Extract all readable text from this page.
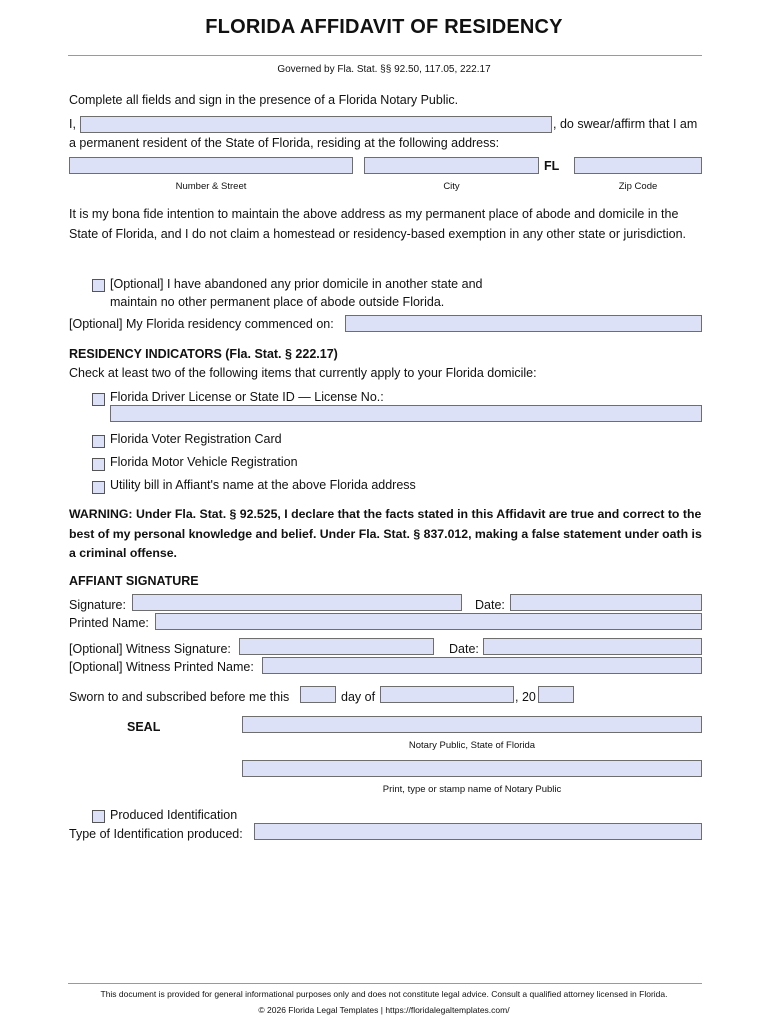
FLORIDA AFFIDAVIT OF RESIDENCY
Governed by Fla. Stat. §§ 92.50, 117.05, 222.17
Complete all fields and sign in the presence of a Florida Notary Public.
I,	, do swear/affirm that I am
a permanent resident of the State of Florida, residing at the following address:
FL
Number & Street	City	Zip Code
It is my bona fide intention to maintain the above address as my permanent place of abode and domicile in the State of Florida, and I do not claim a homestead or residency-based exemption in any other state or jurisdiction.
[Optional] I have abandoned any prior domicile in another state and
maintain no other permanent place of abode outside Florida.
[Optional] My Florida residency commenced on:
RESIDENCY INDICATORS (Fla. Stat. § 222.17)
Check at least two of the following items that currently apply to your Florida domicile:
Florida Driver License or State ID — License No.:
Florida Voter Registration Card
Florida Motor Vehicle Registration
Utility bill in Affiant's name at the above Florida address
WARNING: Under Fla. Stat. § 92.525, I declare that the facts stated in this Affidavit are true and correct to the best of my personal knowledge and belief. Under Fla. Stat. § 837.012, making a false statement under oath is a criminal offense.
AFFIANT SIGNATURE
Signature:	Date:
Printed Name:
[Optional] Witness Signature:	Date:
[Optional] Witness Printed Name:
Sworn to and subscribed before me this	day of	, 20
SEAL
Notary Public, State of Florida
Print, type or stamp name of Notary Public
Produced Identification
Type of Identification produced:
This document is provided for general informational purposes only and does not constitute legal advice. Consult a qualified attorney licensed in Florida.
© 2026 Florida Legal Templates | https://floridalegaltemplates.com/
